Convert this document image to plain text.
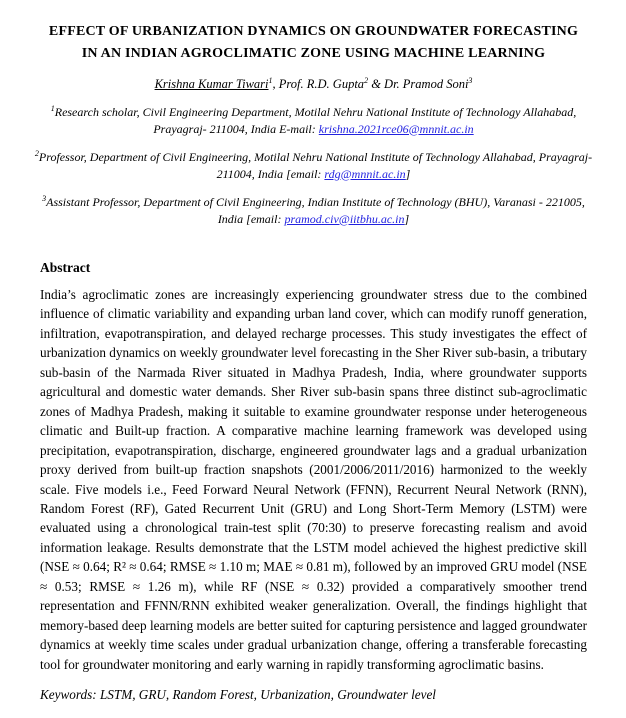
EFFECT OF URBANIZATION DYNAMICS ON GROUNDWATER FORECASTING
IN AN INDIAN AGROCLIMATIC ZONE USING MACHINE LEARNING
Krishna Kumar Tiwari$^1$, Prof. R.D. Gupta$^2$ & Dr. Pramod Soni$^3$
$^1$Research scholar, Civil Engineering Department, Motilal Nehru National Institute of Technology Allahabad, Prayagraj- 211004, India E-mail: krishna.2021rce06@mnnit.ac.in
$^2$Professor, Department of Civil Engineering, Motilal Nehru National Institute of Technology Allahabad, Prayagraj- 211004, India [email: rdg@mnnit.ac.in]
$^3$Assistant Professor, Department of Civil Engineering, Indian Institute of Technology (BHU), Varanasi - 221005, India [email: pramod.civ@iitbhu.ac.in]
Abstract

India’s agroclimatic zones are increasingly experiencing groundwater stress due to the combined influence of climatic variability and expanding urban land cover, which can modify runoff generation, infiltration, evapotranspiration, and delayed recharge processes. This study investigates the effect of urbanization dynamics on weekly groundwater level forecasting in the Sher River sub-basin, a tributary sub-basin of the Narmada River situated in Madhya Pradesh, India, where groundwater supports agricultural and domestic water demands. Sher River sub-basin spans three distinct sub-agroclimatic zones of Madhya Pradesh, making it suitable to examine groundwater response under heterogeneous climatic and Built-up fraction. A comparative machine learning framework was developed using precipitation, evapotranspiration, discharge, engineered groundwater lags and a gradual urbanization proxy derived from built-up fraction snapshots (2001/2006/2011/2016) harmonized to the weekly scale. Five models i.e., Feed Forward Neural Network (FFNN), Recurrent Neural Network (RNN), Random Forest (RF), Gated Recurrent Unit (GRU) and Long Short-Term Memory (LSTM) were evaluated using a chronological train-test split (70:30) to preserve forecasting realism and avoid information leakage. Results demonstrate that the LSTM model achieved the highest predictive skill (NSE ≈ 0.64; R² ≈ 0.64; RMSE ≈ 1.10 m; MAE ≈ 0.81 m), followed by an improved GRU model (NSE ≈ 0.53; RMSE ≈ 1.26 m), while RF (NSE ≈ 0.32) provided a comparatively smoother trend representation and FFNN/RNN exhibited weaker generalization. Overall, the findings highlight that memory-based deep learning models are better suited for capturing persistence and lagged groundwater dynamics at weekly time scales under gradual urbanization change, offering a transferable forecasting tool for groundwater monitoring and early warning in rapidly transforming agroclimatic basins.

Keywords: LSTM, GRU, Random Forest, Urbanization, Groundwater level
